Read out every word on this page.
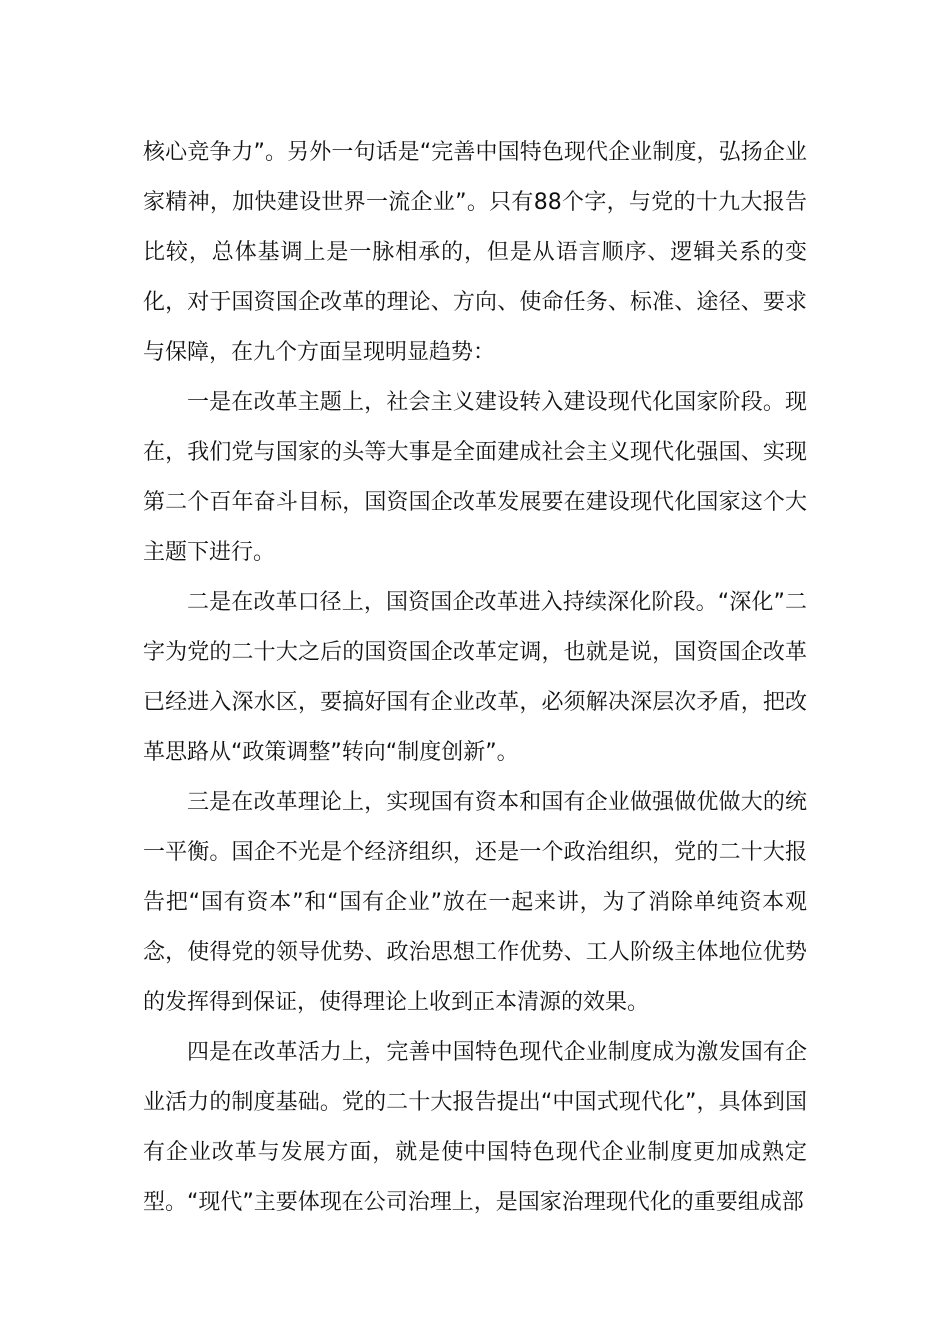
核心竞争力”。另外一句话是“完善中国特色现代企业制度，弘扬企业家精神，加快建设世界一流企业”。只有88个字，与党的十九大报告比较，总体基调上是一脉相承的，但是从语言顺序、逻辑关系的变化，对于国资国企改革的理论、方向、使命任务、标准、途径、要求与保障，在九个方面呈现明显趋势：

一是在改革主题上，社会主义建设转入建设现代化国家阶段。现在，我们党与国家的头等大事是全面建成社会主义现代化强国、实现第二个百年奋斗目标，国资国企改革发展要在建设现代化国家这个大主题下进行。

二是在改革口径上，国资国企改革进入持续深化阶段。“深化”二字为党的二十大之后的国资国企改革定调，也就是说，国资国企改革已经进入深水区，要搞好国有企业改革，必须解决深层次矛盾，把改革思路从“政策调整”转向“制度创新”。

三是在改革理论上，实现国有资本和国有企业做强做优做大的统一平衡。国企不光是个经济组织，还是一个政治组织，党的二十大报告把“国有资本”和“国有企业”放在一起来讲，为了消除单纯资本观念，使得党的领导优势、政治思想工作优势、工人阶级主体地位优势的发挥得到保证，使得理论上收到正本清源的效果。

四是在改革活力上，完善中国特色现代企业制度成为激发国有企业活力的制度基础。党的二十大报告提出“中国式现代化”，具体到国有企业改革与发展方面，就是使中国特色现代企业制度更加成熟定型。“现代”主要体现在公司治理上，是国家治理现代化的重要组成部
